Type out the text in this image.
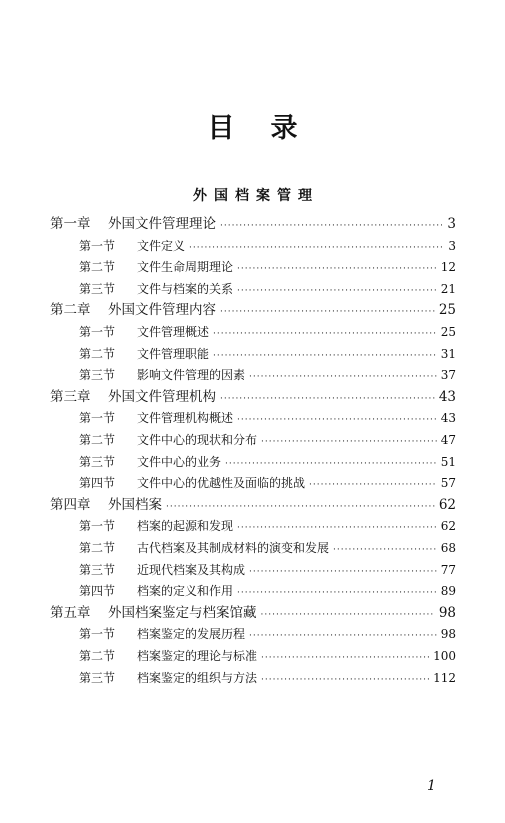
目录
外国档案管理
第一章	外国文件管理理论 ·····	3
第一节	文件定义 ·····	3
第二节	文件生命周期理论 ·····	12
第三节	文件与档案的关系 ·····	21
第二章	外国文件管理内容 ·····	25
第一节	文件管理概述 ·····	25
第二节	文件管理职能 ·····	31
第三节	影响文件管理的因素 ·····	37
第三章	外国文件管理机构 ·····	43
第一节	文件管理机构概述 ·····	43
第二节	文件中心的现状和分布 ·····	47
第三节	文件中心的业务 ·····	51
第四节	文件中心的优越性及面临的挑战 ·····	57
第四章	外国档案 ·····	62
第一节	档案的起源和发现 ·····	62
第二节	古代档案及其制成材料的演变和发展 ·····	68
第三节	近现代档案及其构成 ·····	77
第四节	档案的定义和作用 ·····	89
第五章	外国档案鉴定与档案馆藏 ·····	98
第一节	档案鉴定的发展历程 ·····	98
第二节	档案鉴定的理论与标准 ·····	100
第三节	档案鉴定的组织与方法 ·····	112
1
